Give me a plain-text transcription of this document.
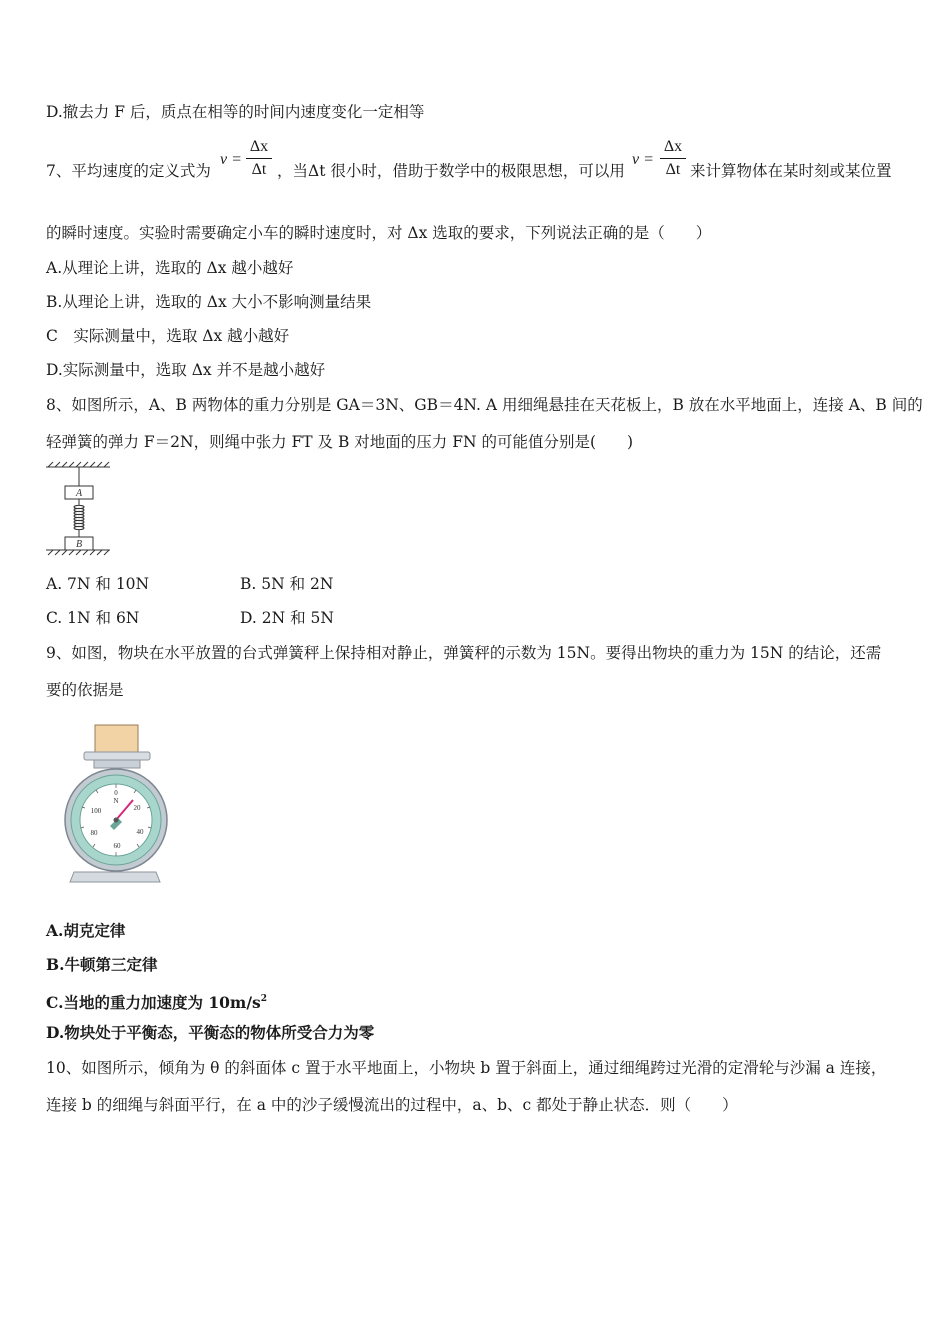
D.撤去力 F 后，质点在相等的时间内速度变化一定相等
7、平均速度的定义式为
v =
Δx
Δt ，当Δt 很小时，借助于数学中的极限思想，可以用
v =
Δx
Δt 来计算物体在某时刻或某位置
的瞬时速度。实验时需要确定小车的瞬时速度时，对 Δx 选取的要求，下列说法正确的是（　　）
A.从理论上讲，选取的 Δx 越小越好
B.从理论上讲，选取的 Δx 大小不影响测量结果
C　实际测量中，选取 Δx 越小越好
D.实际测量中，选取 Δx 并不是越小越好
8、如图所示，A、B 两物体的重力分别是 GA＝3N、GB＝4N. A 用细绳悬挂在天花板上，B 放在水平地面上，连接 A、B 间的
轻弹簧的弹力 F＝2N，则绳中张力 FT 及 B 对地面的压力 FN 的可能值分别是(　　)
A
B
A. 7N 和 10N	B. 5N 和 2N
C. 1N 和 6N	D. 2N 和 5N
9、如图，物块在水平放置的台式弹簧秤上保持相对静止，弹簧秤的示数为 15N。要得出物块的重力为 15N 的结论，还需
要的依据是
0
N
20
40
60
80
100
A.胡克定律
B.牛顿第三定律
C.当地的重力加速度为 $10m/s^2$
D.物块处于平衡态，平衡态的物体所受合力为零
10、如图所示，倾角为 θ 的斜面体 c 置于水平地面上，小物块 b 置于斜面上，通过细绳跨过光滑的定滑轮与沙漏 a 连接，
连接 b 的细绳与斜面平行，在 a 中的沙子缓慢流出的过程中，a、b、c 都处于静止状态．则（　　）
